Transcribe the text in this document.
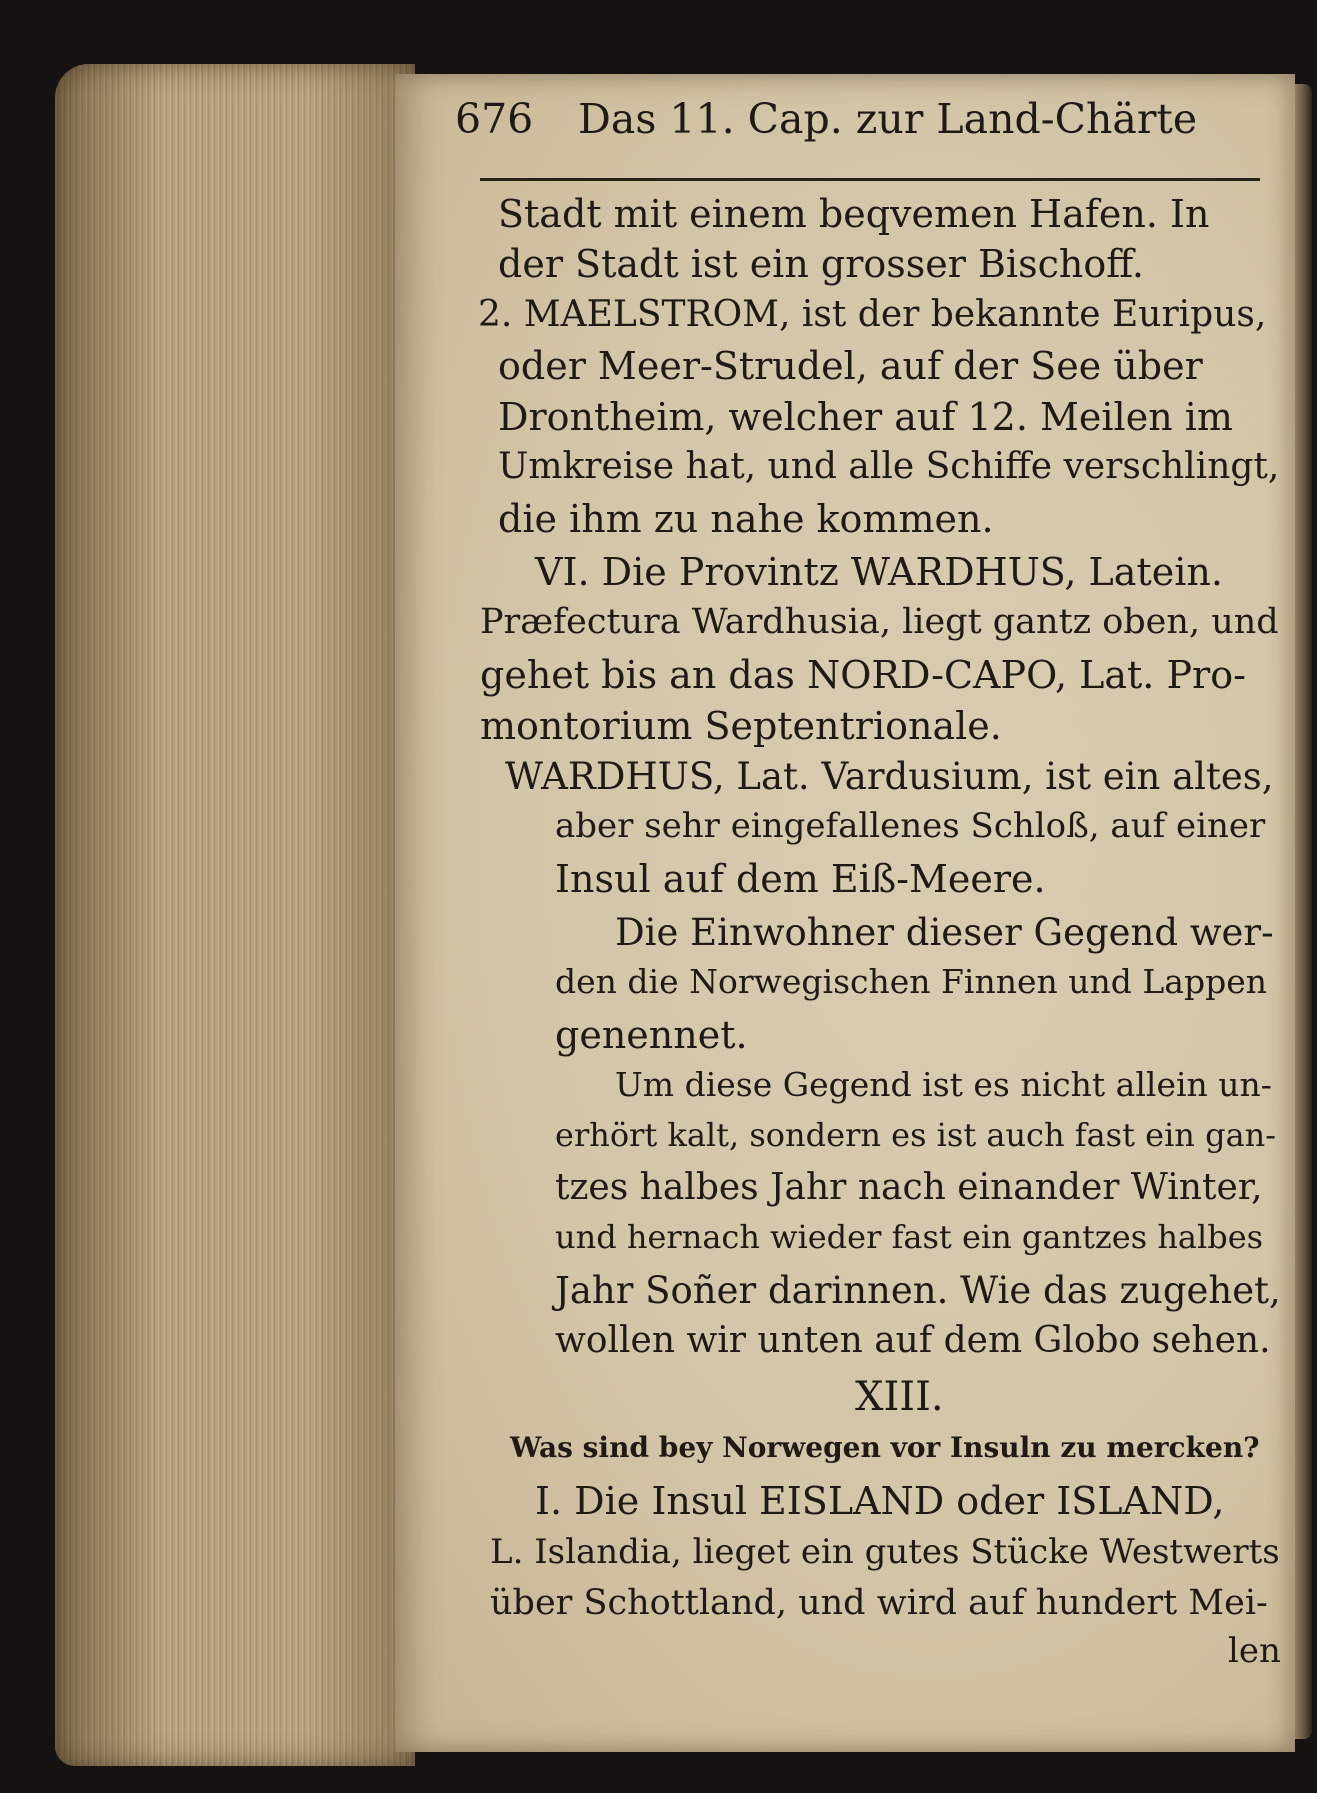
676 Das 11. Cap. zur Land-Chärte
Stadt mit einem beqvemen Hafen. In
der Stadt ist ein grosser Bischoff.
2. MAELSTROM, ist der bekannte Euripus,
oder Meer-Strudel, auf der See über
Drontheim, welcher auf 12. Meilen im
Umkreise hat, und alle Schiffe verschlingt,
die ihm zu nahe kommen.
VI. Die Provintz WARDHUS, Latein.
Præfectura Wardhusia, liegt gantz oben, und
gehet bis an das NORD-CAPO, Lat. Pro-
montorium Septentrionale.
WARDHUS, Lat. Vardusium, ist ein altes,
aber sehr eingefallenes Schloß, auf einer
Insul auf dem Eiß-Meere.
Die Einwohner dieser Gegend wer-
den die Norwegischen Finnen und Lappen
genennet.
Um diese Gegend ist es nicht allein un-
erhört kalt, sondern es ist auch fast ein gan-
tzes halbes Jahr nach einander Winter,
und hernach wieder fast ein gantzes halbes
Jahr Soñer darinnen. Wie das zugehet,
wollen wir unten auf dem Globo sehen.
XIII.
Was sind bey Norwegen vor Insuln zu mercken?
I. Die Insul EISLAND oder ISLAND,
L. Islandia, lieget ein gutes Stücke Westwerts
über Schottland, und wird auf hundert Mei-
len
